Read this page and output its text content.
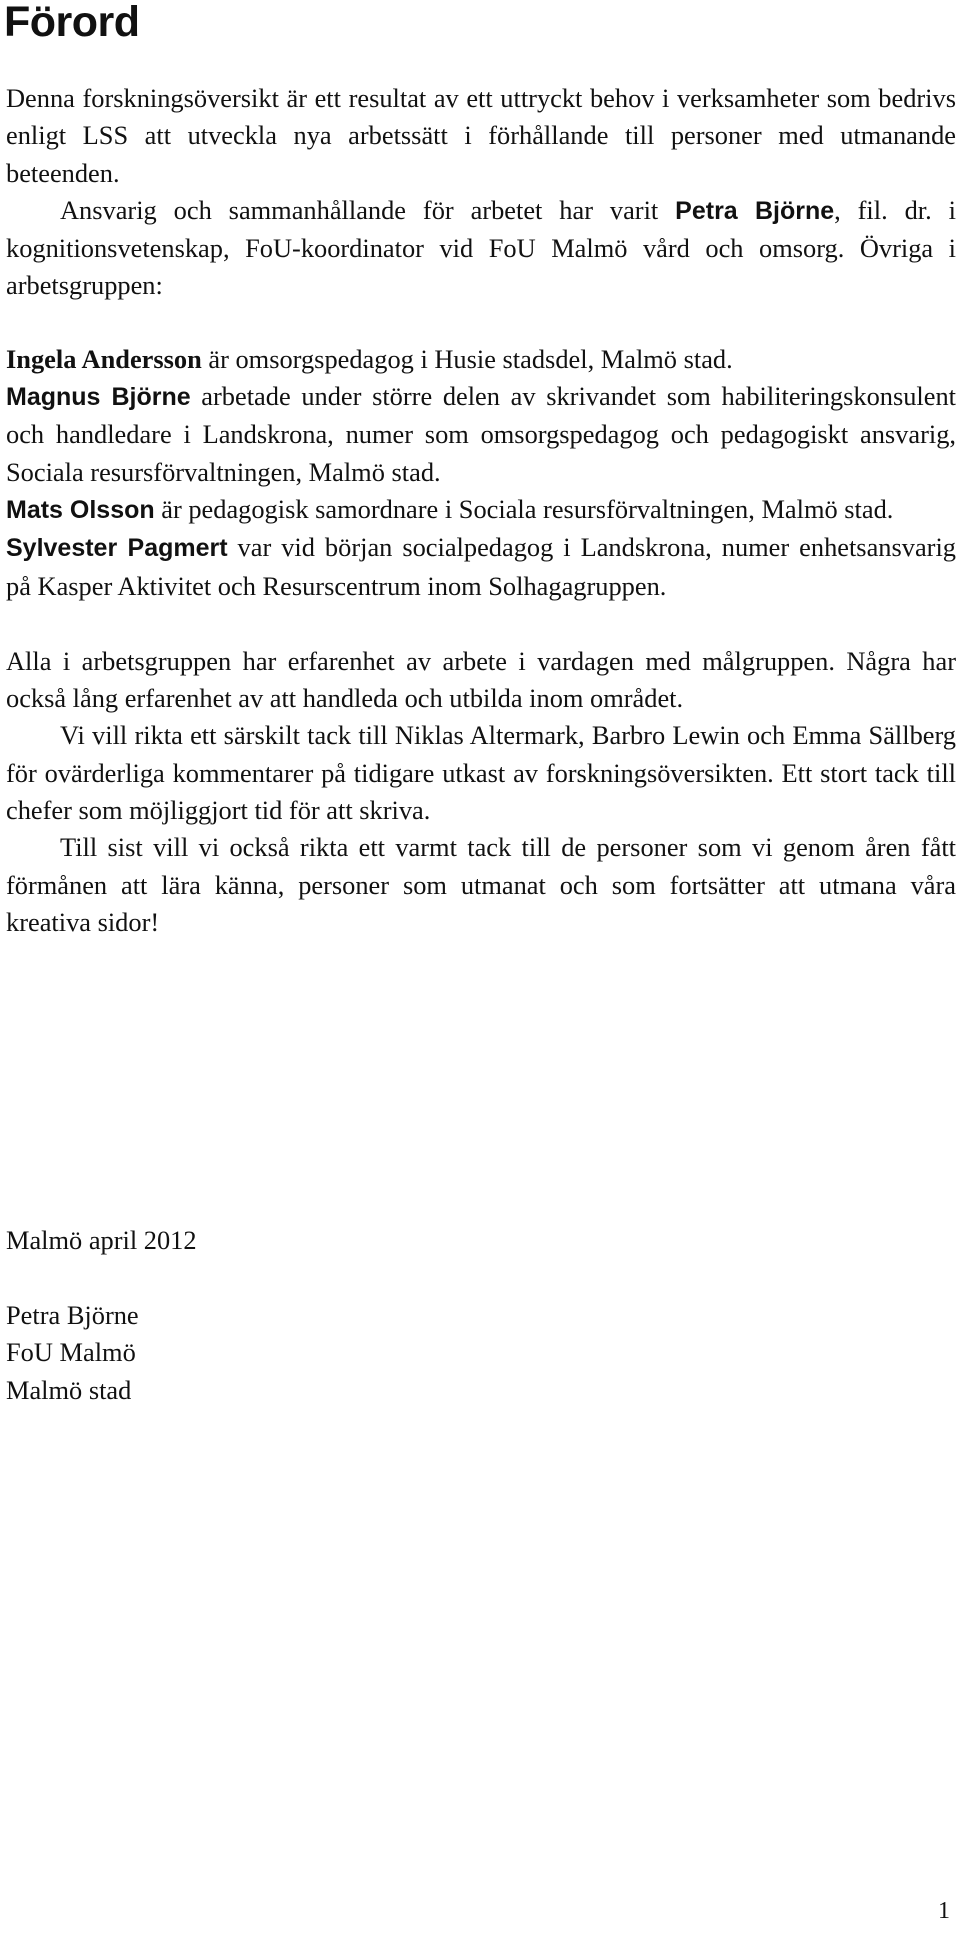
Förord

Denna forskningsöversikt är ett resultat av ett uttryckt behov i verksamheter som bedrivs enligt LSS att utveckla nya arbetssätt i förhållande till personer med utmanande beteenden.

Ansvarig och sammanhållande för arbetet har varit Petra Björne, fil. dr. i kognitionsvetenskap, FoU-koordinator vid FoU Malmö vård och omsorg. Övriga i arbetsgruppen:

Ingela Andersson är omsorgspedagog i Husie stadsdel, Malmö stad.

Magnus Björne arbetade under större delen av skrivandet som habiliteringskonsulent och handledare i Landskrona, numer som omsorgspedagog och pedagogiskt ansvarig, Sociala resursförvaltningen, Malmö stad.

Mats Olsson är pedagogisk samordnare i Sociala resursförvaltningen, Malmö stad.

Sylvester Pagmert var vid början socialpedagog i Landskrona, numer enhetsansvarig på Kasper Aktivitet och Resurscentrum inom Solhagagruppen.

Alla i arbetsgruppen har erfarenhet av arbete i vardagen med målgruppen. Några har också lång erfarenhet av att handleda och utbilda inom området.

Vi vill rikta ett särskilt tack till Niklas Altermark, Barbro Lewin och Emma Sällberg för ovärderliga kommentarer på tidigare utkast av forskningsöversikten. Ett stort tack till chefer som möjliggjort tid för att skriva.

Till sist vill vi också rikta ett varmt tack till de personer som vi genom åren fått förmånen att lära känna, personer som utmanat och som fortsätter att utmana våra kreativa sidor!

Malmö april 2012
Petra Björne
FoU Malmö
Malmö stad
1
